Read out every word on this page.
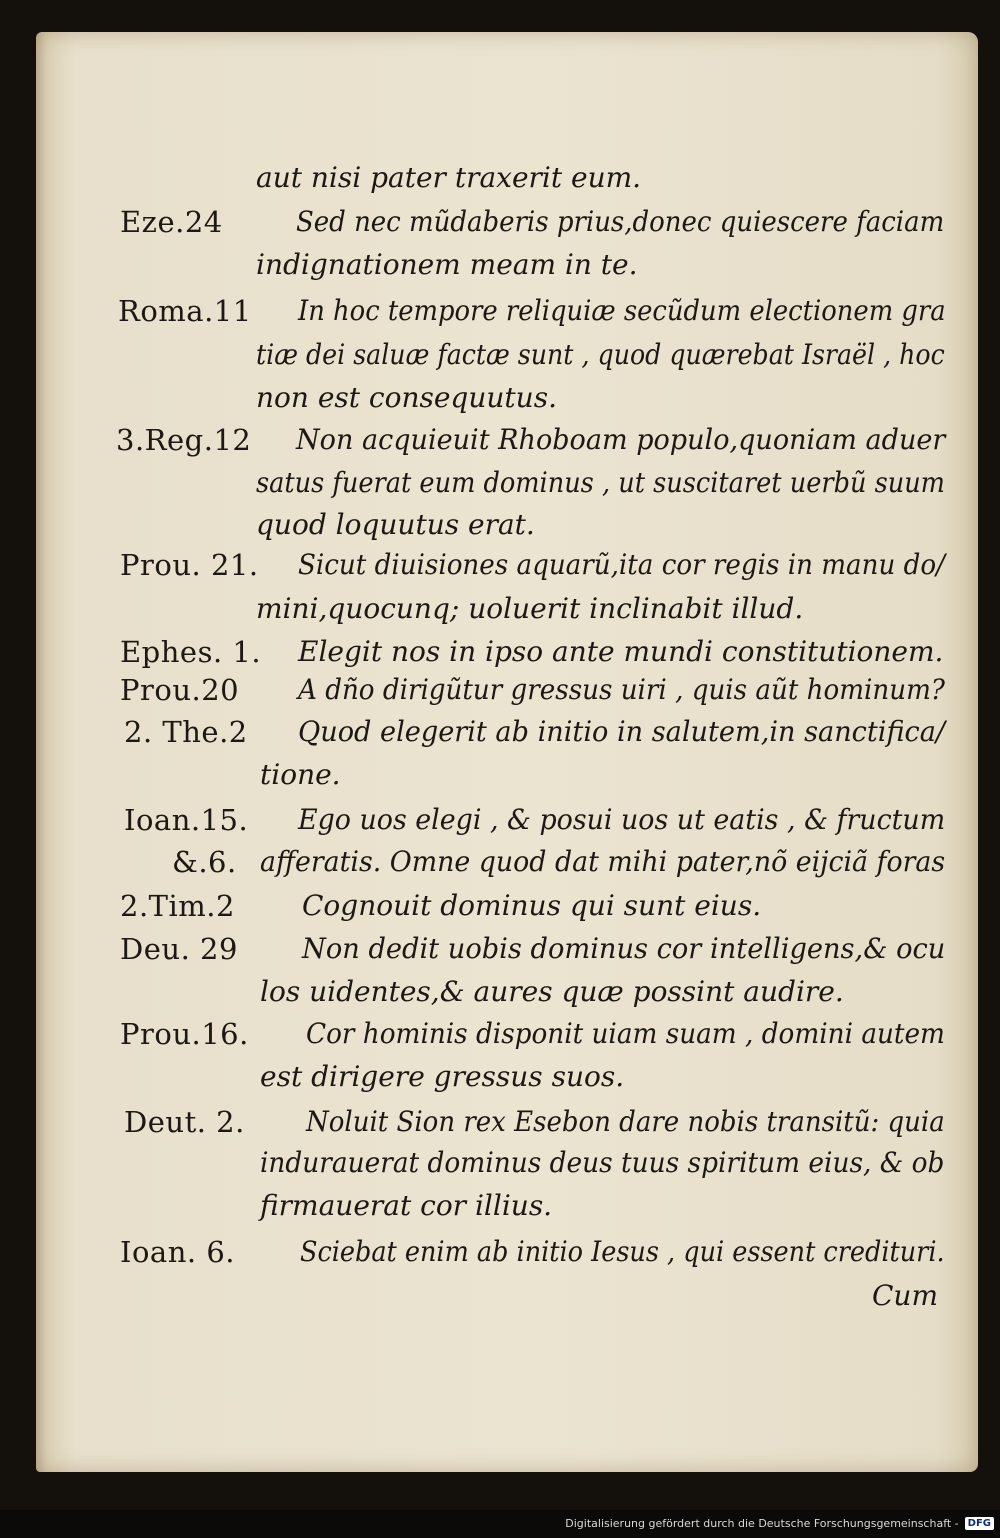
aut nisi pater traxerit eum.
Eze.24	Sed nec mũdaberis prius,donec quiescere faciam
indignationem meam in te.
Roma.11 In hoc tempore reliquiæ secũdum electionem gra
tiæ dei saluæ factæ sunt , quod quærebat Israël , hoc
non est consequutus.
3.Reg.12 Non acquieuit Rhoboam populo,quoniam aduer
satus fuerat eum dominus , ut suscitaret uerbũ suum
quod loquutus erat.
Prou. 21. Sicut diuisiones aquarũ,ita cor regis in manu do/
mini,quocunq; uoluerit inclinabit illud.
Ephes. 1. Elegit nos in ipso ante mundi constitutionem.
Prou.20 A dño dirigũtur gressus uiri , quis aũt hominum?
2. The.2 Quod elegerit ab initio in salutem,in sanctifica/
tione.
Ioan.15. Ego uos elegi , & posui uos ut eatis , & fructum
&.6. afferatis. Omne quod dat mihi pater,nõ eijciã foras
2.Tim.2 Cognouit dominus qui sunt eius.
Deu. 29 Non dedit uobis dominus cor intelligens,& ocu
los uidentes,& aures quæ possint audire.
Prou.16. Cor hominis disponit uiam suam , domini autem
est dirigere gressus suos.
Deut. 2. Noluit Sion rex Esebon dare nobis transitũ: quia
indurauerat dominus deus tuus spiritum eius, & ob
firmauerat cor illius.
Ioan. 6. Sciebat enim ab initio Iesus , qui essent credituri.
Cum
Digitalisierung gefördert durch die Deutsche Forschungsgemeinschaft - DFG
